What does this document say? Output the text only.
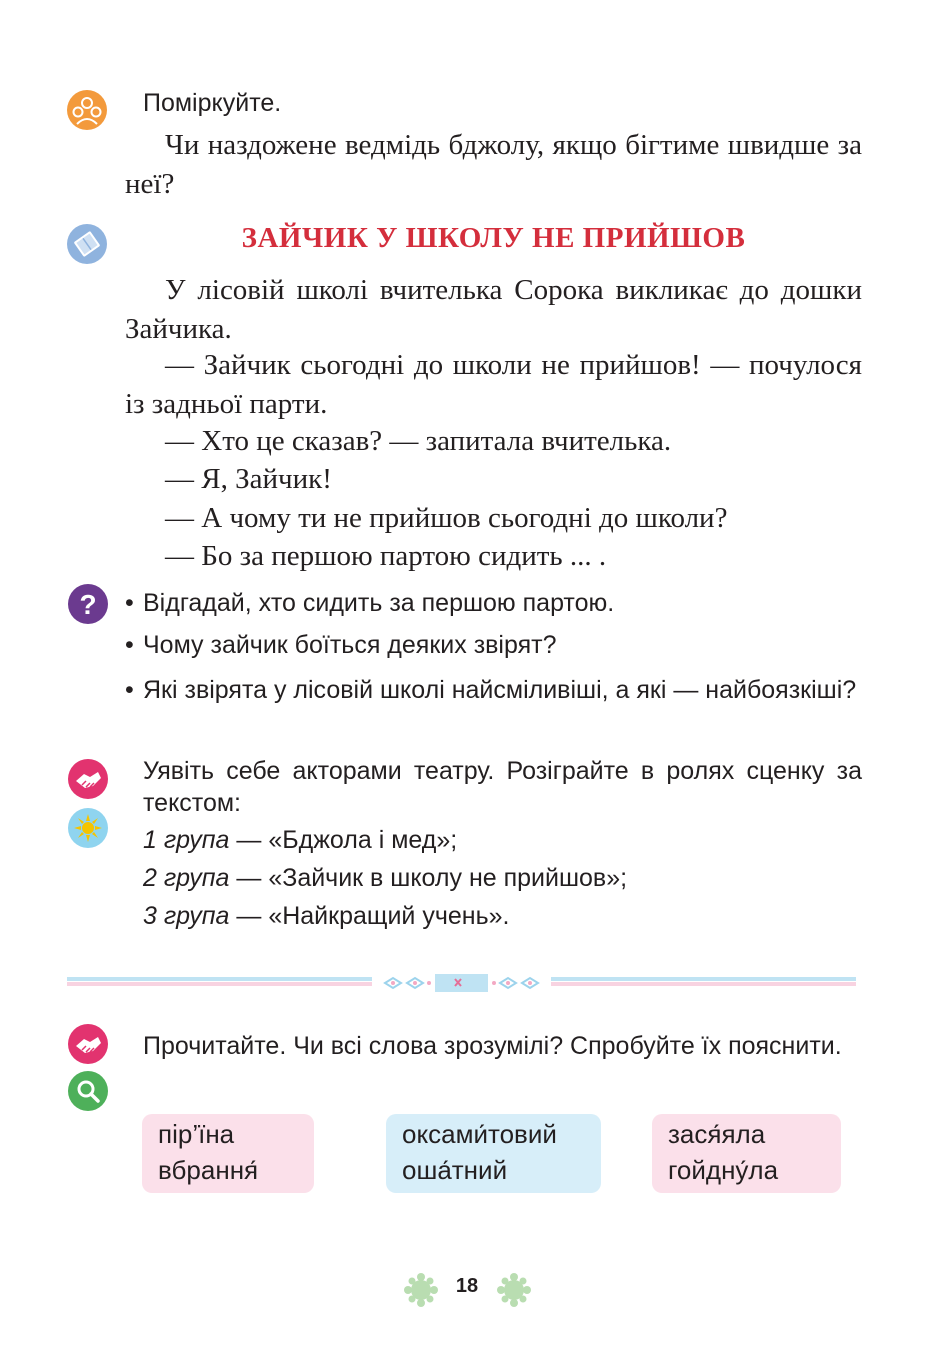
?

Поміркуйте.

Чи наздожене ведмідь бджолу, якщо бігтиме швидше за неї?

ЗАЙЧИК У ШКОЛУ НЕ ПРИЙШОВ

У лісовій школі вчителька Сорока викликає до дошки Зайчика.

— Зайчик сьогодні до школи не прийшов! — почулося із задньої парти.

— Хто це сказав? — запитала вчителька.

— Я, Зайчик!

— А чому ти не прийшов сьогодні до школи?

— Бо за першою партою сидить ... .

• Відгадай, хто сидить за першою партою.
• Чому зайчик боїться деяких звірят?
• Які звірята у лісовій школі найсміливіші, а які — найбоязкіші?

Уявіть себе акторами театру. Розіграйте в ролях сценку за текстом:

1 група — «Бджола і мед»;

2 група — «Зайчик в школу не прийшов»;

3 група — «Найкращий учень».

Прочитайте. Чи всі слова зрозумілі? Спробуйте їх пояснити.

пір’їна
вбрання́
оксами́товий
оша́тний
зася́яла
гойдну́ла
18
